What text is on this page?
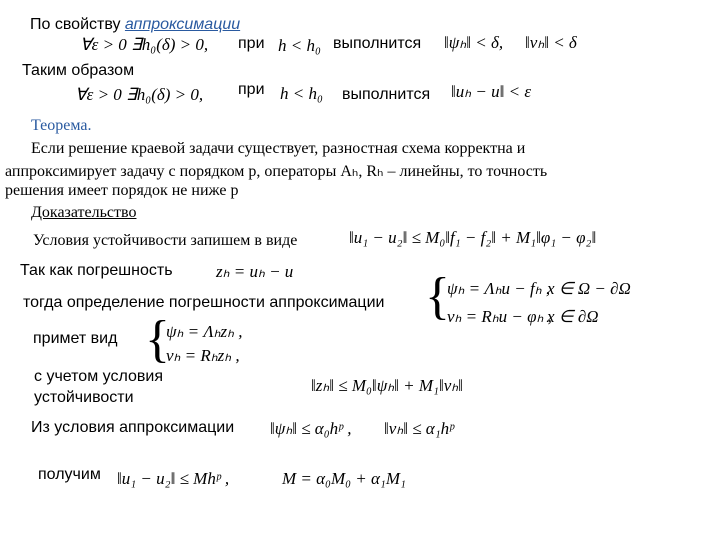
По свойству аппроксимации
∀ε > 0 ∃h₀(δ) > 0, при h < h₀ выполнится ‖ψₕ‖ < δ, ‖νₕ‖ < δ
Таким образом
∀ε > 0 ∃h₀(δ) > 0, при h < h₀ выполнится ‖uₕ − u‖ < ε
Теорема.
Если решение краевой задачи существует, разностная схема корректна и
аппроксимирует задачу с порядком p, операторы Aₕ, Rₕ – линейны, то точность
решения имеет порядок не ниже p
Доказательство
Условия устойчивости запишем в виде	‖u₁ − u₂‖ ≤ M₀‖f₁ − f₂‖ + M₁‖φ₁ − φ₂‖
Так как погрешность	zₕ = uₕ − u
тогда определение погрешности аппроксимации {
ψₕ = Λₕu − fₕ ,
x ∈ Ω − ∂Ω
νₕ = Rₕu − φₕ ,
x ∈ ∂Ω
примет вид {
ψₕ = Λₕzₕ ,
νₕ = Rₕzₕ ,
с учетом условия
устойчивости
‖zₕ‖ ≤ M₀‖ψₕ‖ + M₁‖νₕ‖
Из условия аппроксимации ‖ψₕ‖ ≤ α₀hᵖ , ‖νₕ‖ ≤ α₁hᵖ
получим ‖u₁ − u₂‖ ≤ Mhᵖ ,	M = α₀M₀ + α₁M₁
